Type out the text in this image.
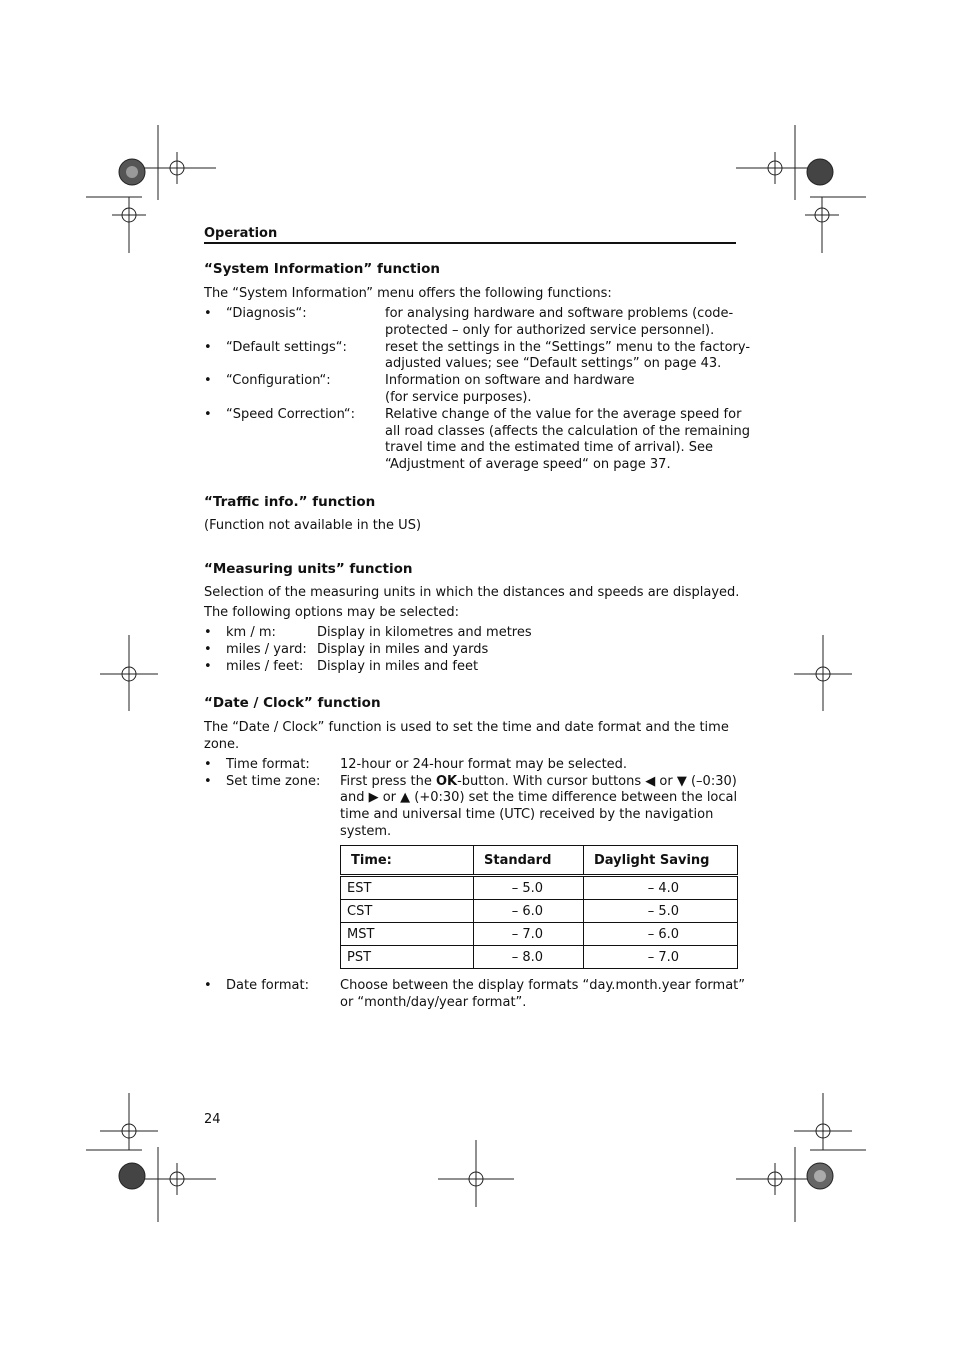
Operation
“System Information” function
The “System Information” menu offers the following functions:
• “Diagnosis“:	for analysing hardware and software problems (code-
protected – only for authorized service personnel).
• “Default settings“:	reset the settings in the “Settings” menu to the factory-
adjusted values; see “Default settings” on page 43.
• “Configuration“:	Information on software and hardware
(for service purposes).
• “Speed Correction“: Relative change of the value for the average speed for
all road classes (affects the calculation of the remaining
travel time and the estimated time of arrival). See
“Adjustment of average speed“ on page 37.
“Traffic info.” function
(Function not available in the US)
“Measuring units” function
Selection of the measuring units in which the distances and speeds are displayed.
The following options may be selected:
• km / m:	Display in kilometres and metres
• miles / yard: Display in miles and yards
• miles / feet: Display in miles and feet
“Date / Clock” function
The “Date / Clock” function is used to set the time and date format and the time
zone.
• Time format: 12-hour or 24-hour format may be selected.
• Set time zone: First press the OK-button. With cursor buttons ◀ or ▼ (–0:30)
and ▶ or ▲ (+0:30) set the time difference between the local
time and universal time (UTC) received by the navigation
system.
Time:	Standard	Daylight Saving
EST	– 5.0	– 4.0
CST	– 6.0	– 5.0
MST	– 7.0	– 6.0
PST	– 8.0	– 7.0
• Date format: Choose between the display formats “day.month.year format”
or “month/day/year format”.
24
